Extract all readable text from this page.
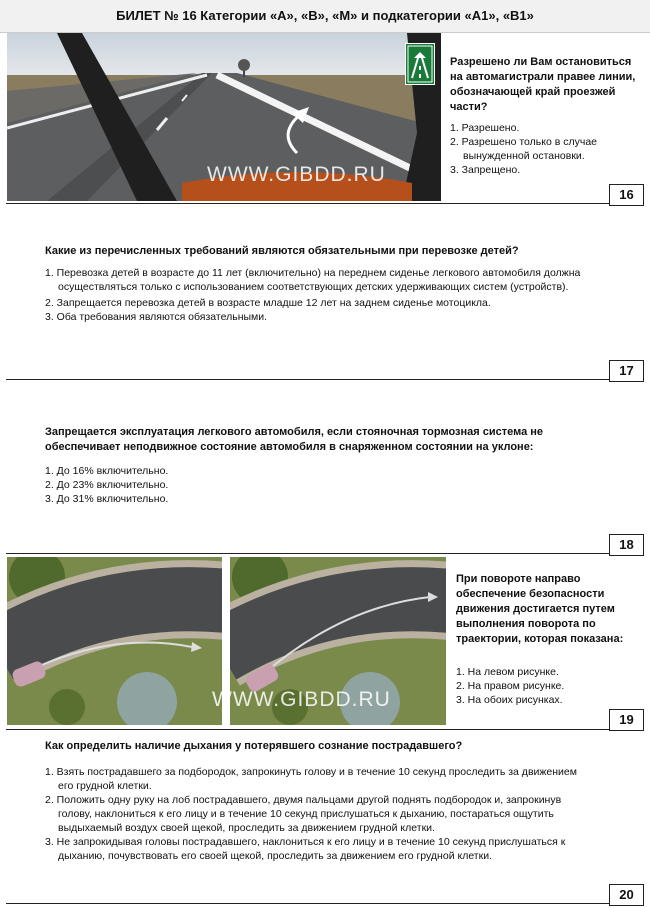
БИЛЕТ № 16 Категории «А», «В», «М» и подкатегории «А1», «В1»
WWW.GIBDD.RU
Разрешено ли Вам остановиться на автомагистрали правее линии, обозначающей край проезжей части?
1. Разрешено.
2. Разрешено только в случае вынужденной остановки.
3. Запрещено.
16
Какие из перечисленных требований являются обязательными при перевозке детей?
1. Перевозка детей в возрасте до 11 лет (включительно) на переднем сиденье легкового автомобиля должна осуществляться только с использованием соответствующих детских удерживающих систем (устройств).
2. Запрещается перевозка детей в возрасте младше 12 лет на заднем сиденье мотоцикла.
3. Оба требования являются обязательными.
17
Запрещается эксплуатация легкового автомобиля, если стояночная тормозная система не обеспечивает неподвижное состояние автомобиля в снаряженном состоянии на уклоне:
1. До 16% включительно.
2. До 23% включительно.
3. До 31% включительно.
18
WWW.GIBDD.RU
При повороте направо обеспечение безопасности движения достигается путем выполнения поворота по траектории, которая показана:
1. На левом рисунке.
2. На правом рисунке.
3. На обоих рисунках.
19
Как определить наличие дыхания у потерявшего сознание пострадавшего?
1. Взять пострадавшего за подбородок, запрокинуть голову и в течение 10 секунд проследить за движением его грудной клетки.
2. Положить одну руку на лоб пострадавшего, двумя пальцами другой поднять подбородок и, запрокинув голову, наклониться к его лицу и в течение 10 секунд прислушаться к дыханию, постараться ощутить выдыхаемый воздух своей щекой, проследить за движением грудной клетки.
3. Не запрокидывая головы пострадавшего, наклониться к его лицу и в течение 10 секунд прислушаться к дыханию, почувствовать его своей щекой, проследить за движением его грудной клетки.
20
